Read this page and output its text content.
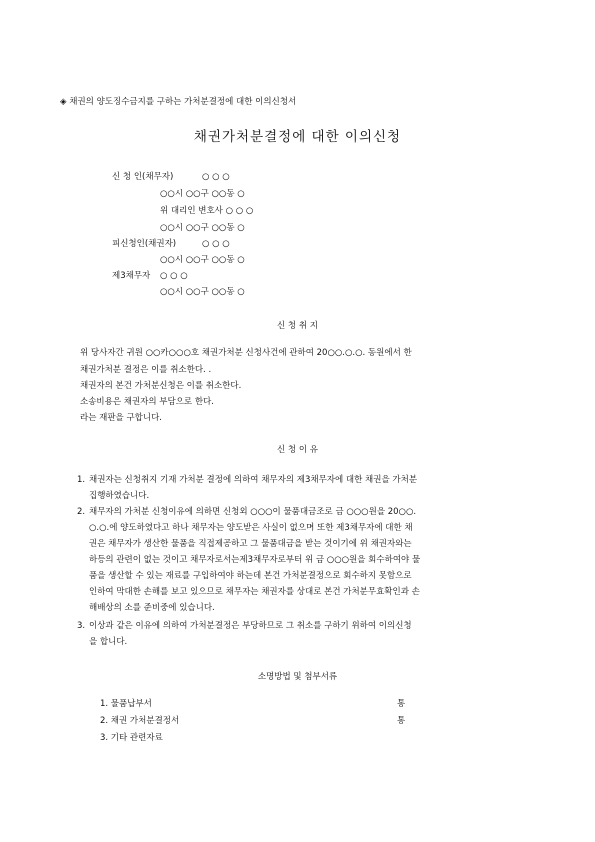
◈ 채권의 양도징수금지를 구하는 가처분결정에 대한 이의신청서
채권가처분결정에 대한 이의신청
신 청 인(채무자)	○ ○ ○
○○시 ○○구 ○○동 ○
위 대리인 변호사 ○ ○ ○
○○시 ○○구 ○○동 ○
피신청인(채권자)	○ ○ ○
○○시 ○○구 ○○동 ○
제3채무자 ○ ○ ○
○○시 ○○구 ○○동 ○
신 청 취 지
위 당사자간 귀원 ○○카○○○호 채권가처분 신청사건에 관하여 20○○.○.○. 동원에서 한
채권가처분 결정은 이를 취소한다. .
채권자의 본건 가처분신청은 이를 취소한다.
소송비용은 채권자의 부담으로 한다.
라는 재판을 구합니다.
신 청 이 유
1. 채권자는 신청취지 기재 가처분 결정에 의하여 채무자의 제3채무자에 대한 채권을 가처분
집행하였습니다.
2. 채무자의 가처분 신청이유에 의하면 신청외 ○○○이 물품대금조로 금 ○○○원을 20○○.
○.○.에 양도하였다고 하나 채무자는 양도받은 사실이 없으며 또한 제3채무자에 대한 채
권은 채무자가 생산한 물품을 직접제공하고 그 물품대금을 받는 것이기에 위 채권자와는
하등의 관련이 없는 것이고 채무자로서는제3채무자로부터 위 금 ○○○원을 회수하여야 물
품을 생산할 수 있는 재료를 구입하여야 하는데 본건 가처분결정으로 회수하지 못함으로
인하여 막대한 손해를 보고 있으므로 채무자는 채권자를 상대로 본건 가처분무효확인과 손
해배상의 소를 준비중에 있습니다.
3. 이상과 같은 이유에 의하여 가처분결정은 부당하므로 그 취소를 구하기 위하여 이의신청
을 합니다.
소명방법 및 첨부서류
1. 물품납부서	통
2. 채권 가처분결정서	통
3. 기타 관련자료
